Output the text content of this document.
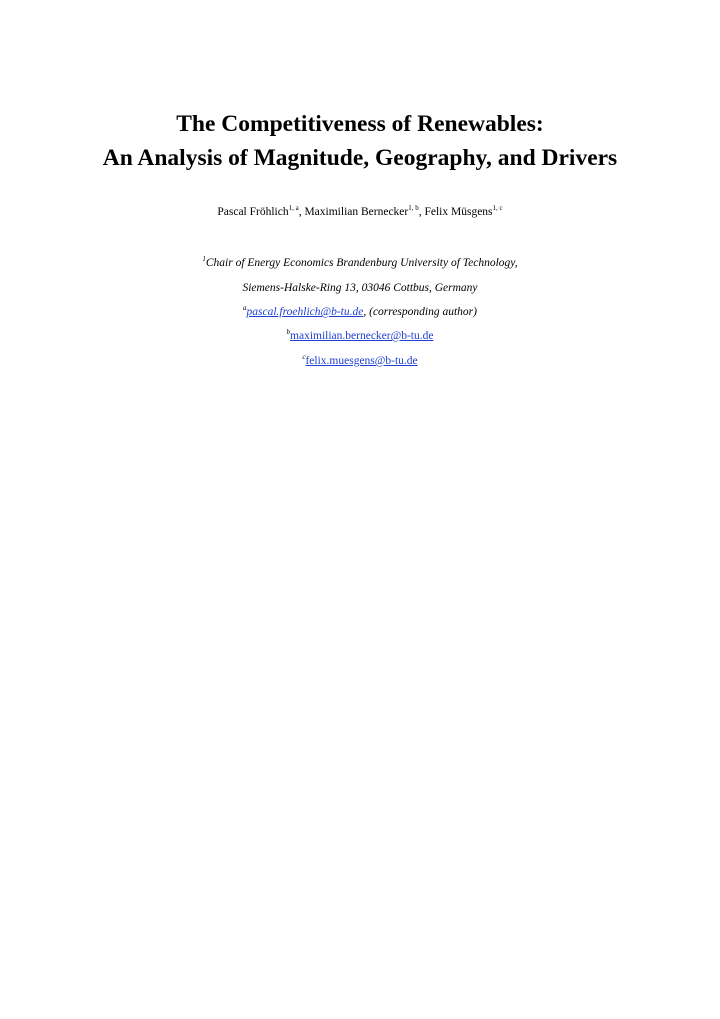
The Competitiveness of Renewables:
An Analysis of Magnitude, Geography, and Drivers
Pascal Fröhlich$^{1, a}$, Maximilian Bernecker$^{1, b}$, Felix Müsgens$^{1, c}$
$^1$Chair of Energy Economics Brandenburg University of Technology,
Siemens-Halske-Ring 13, 03046 Cottbus, Germany
$^a$pascal.froehlich@b-tu.de, (corresponding author)
$^b$maximilian.bernecker@b-tu.de
$^c$felix.muesgens@b-tu.de
